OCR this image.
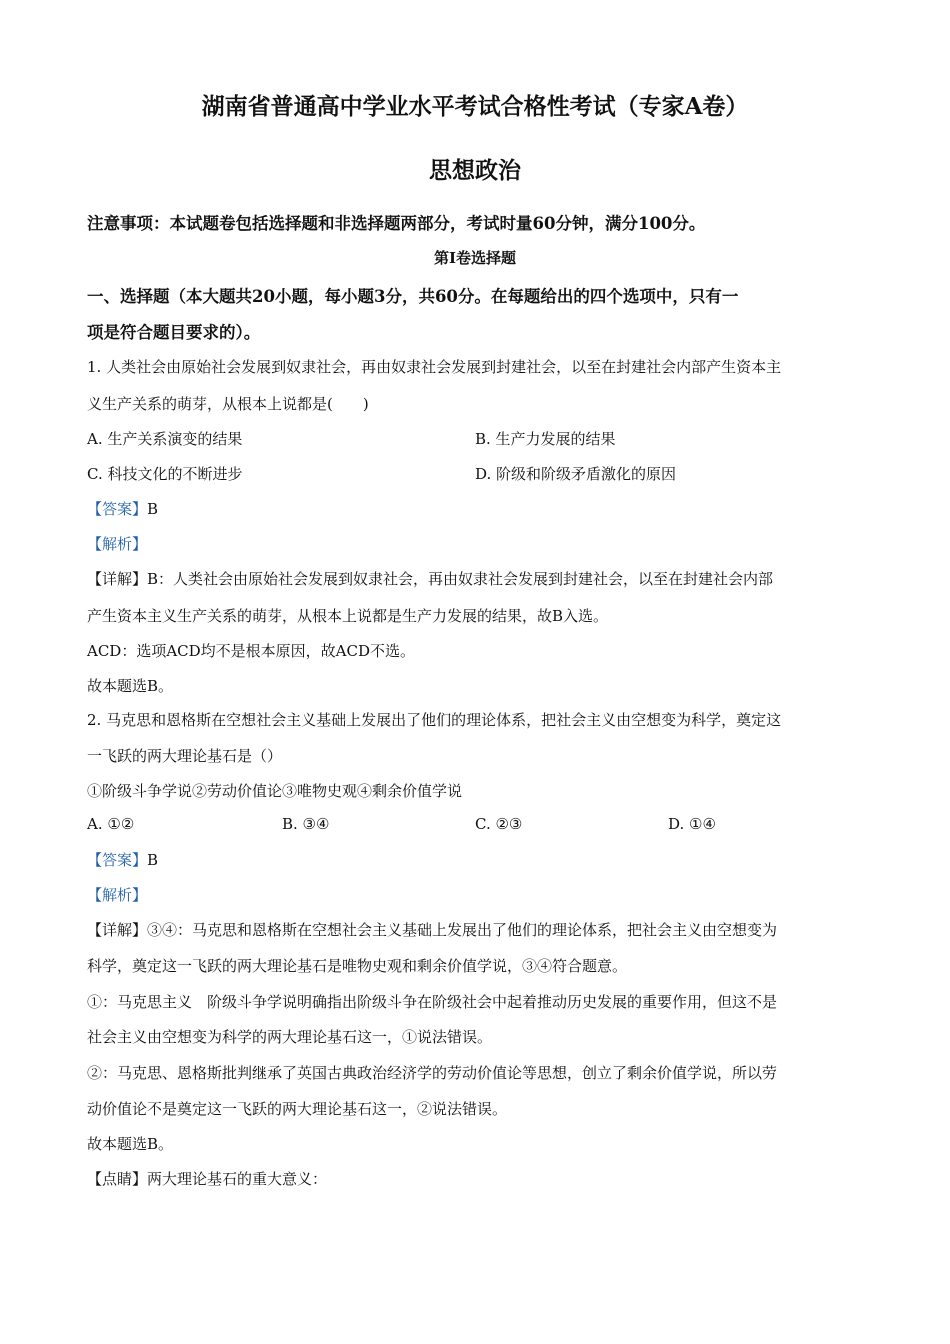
湖南省普通高中学业水平考试合格性考试（专家A卷）
思想政治
注意事项：本试题卷包括选择题和非选择题两部分，考试时量60分钟，满分100分。
第I卷选择题
一、选择题（本大题共20小题，每小题3分，共60分。在每题给出的四个选项中，只有一
项是符合题目要求的）。
1. 人类社会由原始社会发展到奴隶社会，再由奴隶社会发展到封建社会，以至在封建社会内部产生资本主
义生产关系的萌芽，从根本上说都是(　　)
A. 生产关系演变的结果	B. 生产力发展的结果
C. 科技文化的不断进步	D. 阶级和阶级矛盾激化的原因
【答案】B
【解析】
【详解】B：人类社会由原始社会发展到奴隶社会，再由奴隶社会发展到封建社会，以至在封建社会内部
产生资本主义生产关系的萌芽，从根本上说都是生产力发展的结果，故B入选。
ACD：选项ACD均不是根本原因，故ACD不选。
故本题选B。
2. 马克思和恩格斯在空想社会主义基础上发展出了他们的理论体系，把社会主义由空想变为科学，奠定这
一飞跃的两大理论基石是（）
①阶级斗争学说②劳动价值论③唯物史观④剩余价值学说
A. ①②	B. ③④	C. ②③	D. ①④
【答案】B
【解析】
【详解】③④：马克思和恩格斯在空想社会主义基础上发展出了他们的理论体系，把社会主义由空想变为
科学，奠定这一飞跃的两大理论基石是唯物史观和剩余价值学说，③④符合题意。
①：马克思主义　阶级斗争学说明确指出阶级斗争在阶级社会中起着推动历史发展的重要作用，但这不是
社会主义由空想变为科学的两大理论基石这一，①说法错误。
②：马克思、恩格斯批判继承了英国古典政治经济学的劳动价值论等思想，创立了剩余价值学说，所以劳
动价值论不是奠定这一飞跃的两大理论基石这一，②说法错误。
故本题选B。
【点睛】两大理论基石的重大意义：
